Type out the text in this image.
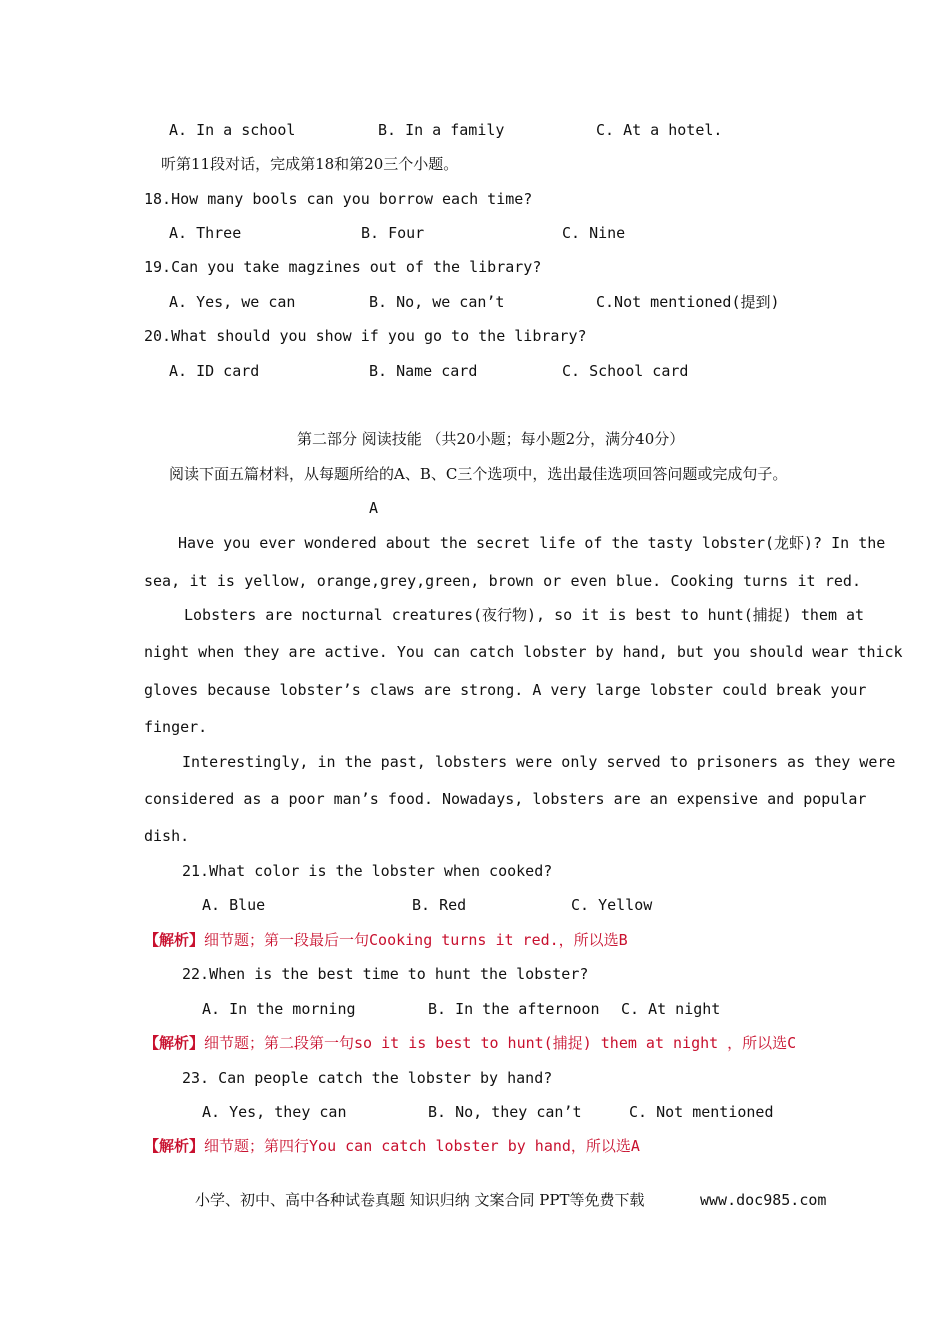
A. In a school	B. In a family	C. At a hotel.
听第11段对话，完成第18和第20三个小题。
18.How many bools can you borrow each time?
A. Three	B. Four	C. Nine
19.Can you take magzines out of the library?
A. Yes, we can	B. No, we can’t	C.Not mentioned(提到)
20.What should you show if you go to the library?
A. ID card	B. Name card	C. School card
第二部分 阅读技能 （共20小题；每小题2分，满分40分）
阅读下面五篇材料，从每题所给的A、B、C三个选项中，选出最佳选项回答问题或完成句子。
A
Have you ever wondered about the secret life of the tasty lobster(龙虾)? In the
sea, it is yellow, orange,grey,green, brown or even blue. Cooking turns it red.
Lobsters are nocturnal creatures(夜行物), so it is best to hunt(捕捉) them at
night when they are active. You can catch lobster by hand, but you should wear thick
gloves because lobster’s claws are strong. A very large lobster could break your
finger.
Interestingly, in the past, lobsters were only served to prisoners as they were
considered as a poor man’s food. Nowadays, lobsters are an expensive and popular
dish.
21.What color is the lobster when cooked?
A. Blue	B. Red	C. Yellow
【解析】细节题；第一段最后一句Cooking turns it red.，所以选B
22.When is the best time to hunt the lobster?
A. In the morning	B. In the afternoon C. At night
【解析】细节题；第二段第一句so it is best to hunt(捕捉) them at night ，所以选C
23. Can people catch the lobster by hand?
A. Yes, they can	B. No, they can’t	C. Not mentioned
【解析】细节题；第四行You can catch lobster by hand，所以选A
小学、初中、高中各种试卷真题 知识归纳 文案合同 PPT等免费下载	www.doc985.com
